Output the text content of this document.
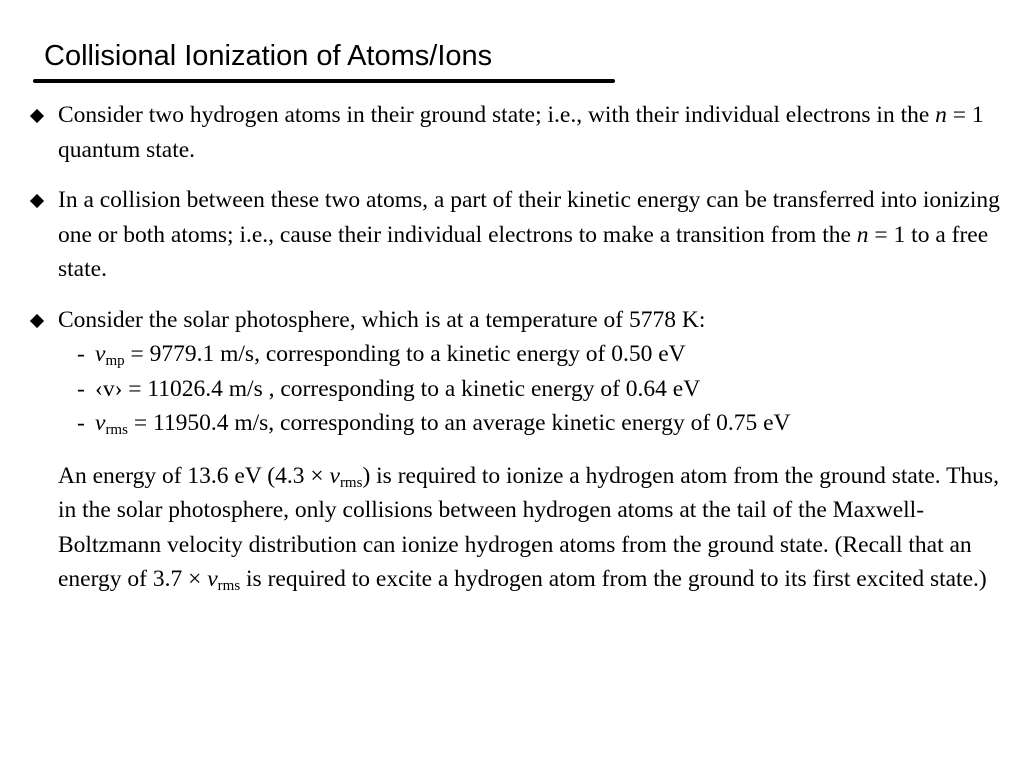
Collisional Ionization of Atoms/Ions
Consider two hydrogen atoms in their ground state; i.e., with their individual electrons in the n = 1 quantum state.
In a collision between these two atoms, a part of their kinetic energy can be transferred into ionizing one or both atoms; i.e., cause their individual electrons to make a transition from the n = 1 to a free state.
Consider the solar photosphere, which is at a temperature of 5778 K:
- $v_{mp} = 9779.1$ m/s, corresponding to a kinetic energy of 0.50 eV
- ‹v› = 11026.4 m/s , corresponding to a kinetic energy of 0.64 eV
- $v_{rms} = 11950.4$ m/s, corresponding to an average kinetic energy of 0.75 eV
An energy of 13.6 eV $(4.3 \times v_{rms})$ is required to ionize a hydrogen atom from the ground state. Thus, in the solar photosphere, only collisions between hydrogen atoms at the tail of the Maxwell-Boltzmann velocity distribution can ionize hydrogen atoms from the ground state. (Recall that an energy of $3.7 \times v_{rms}$ is required to excite a hydrogen atom from the ground to its first excited state.)
